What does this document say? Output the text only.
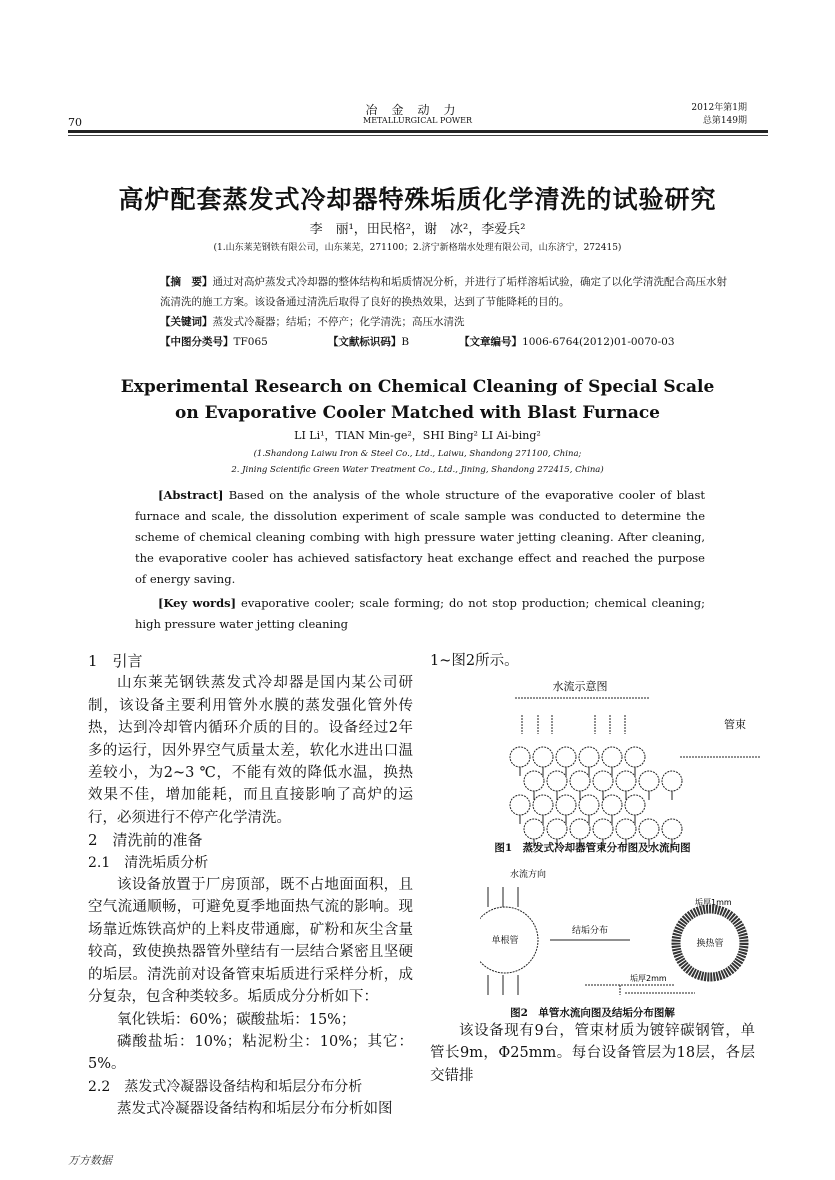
冶金动力
METALLURGICAL POWER
70
2012年第1期
总第149期
高炉配套蒸发式冷却器特殊垢质化学清洗的试验研究
李　丽¹，田民格²，谢　冰²，李爱兵²
(1.山东莱芜钢铁有限公司，山东莱芜，271100；2.济宁新格瑞水处理有限公司，山东济宁，272415)

【摘　要】通过对高炉蒸发式冷却器的整体结构和垢质情况分析，并进行了垢样溶垢试验，确定了以化学清洗配合高压水射流清洗的施工方案。该设备通过清洗后取得了良好的换热效果，达到了节能降耗的目的。

【关键词】蒸发式冷凝器；结垢；不停产；化学清洗；高压水清洗

【中图分类号】TF065	【文献标识码】B	【文章编号】1006-6764(2012)01-0070-03

Experimental Research on Chemical Cleaning of Special Scale
on Evaporative Cooler Matched with Blast Furnace
LI Li¹，TIAN Min-ge²，SHI Bing² LI Ai-bing²
(1.Shandong Laiwu Iron & Steel Co., Ltd., Laiwu, Shandong 271100, China;
2. Jining Scientific Green Water Treatment Co., Ltd., Jining, Shandong 272415, China)

[Abstract] Based on the analysis of the whole structure of the evaporative cooler of blast furnace and scale, the dissolution experiment of scale sample was conducted to determine the scheme of chemical cleaning combing with high pressure water jetting cleaning. After cleaning, the evaporative cooler has achieved satisfactory heat exchange effect and reached the purpose of energy saving.

[Key words] evaporative cooler; scale forming; do not stop production; chemical cleaning; high pressure water jetting cleaning

1　引言

山东莱芜钢铁蒸发式冷却器是国内某公司研制，该设备主要利用管外水膜的蒸发强化管外传热，达到冷却管内循环介质的目的。设备经过2年多的运行，因外界空气质量太差，软化水进出口温差较小，为2~3 ℃，不能有效的降低水温，换热效果不佳，增加能耗，而且直接影响了高炉的运行，必须进行不停产化学清洗。

2　清洗前的准备
2.1　清洗垢质分析

该设备放置于厂房顶部，既不占地面面积，且空气流通顺畅，可避免夏季地面热气流的影响。现场靠近炼铁高炉的上料皮带通廊，矿粉和灰尘含量较高，致使换热器管外壁结有一层结合紧密且坚硬的垢层。清洗前对设备管束垢质进行采样分析，成分复杂，包含种类较多。垢质成分分析如下：

氧化铁垢：60%；碳酸盐垢：15%；

磷酸盐垢：10%；粘泥粉尘：10%；其它：5%。

2.2　蒸发式冷凝器设备结构和垢层分布分析

蒸发式冷凝器设备结构和垢层分布分析如图

1~图2所示。
水流示意图
管束
图1　蒸发式冷却器管束分布图及水流向图
水流方向
单根管
结垢分布
换热管
垢厚1mm
垢厚2mm
图2　单管水流向图及结垢分布图解

该设备现有9台，管束材质为镀锌碳钢管，单管长9m，Φ25mm。每台设备管层为18层，各层交错排

万方数据
